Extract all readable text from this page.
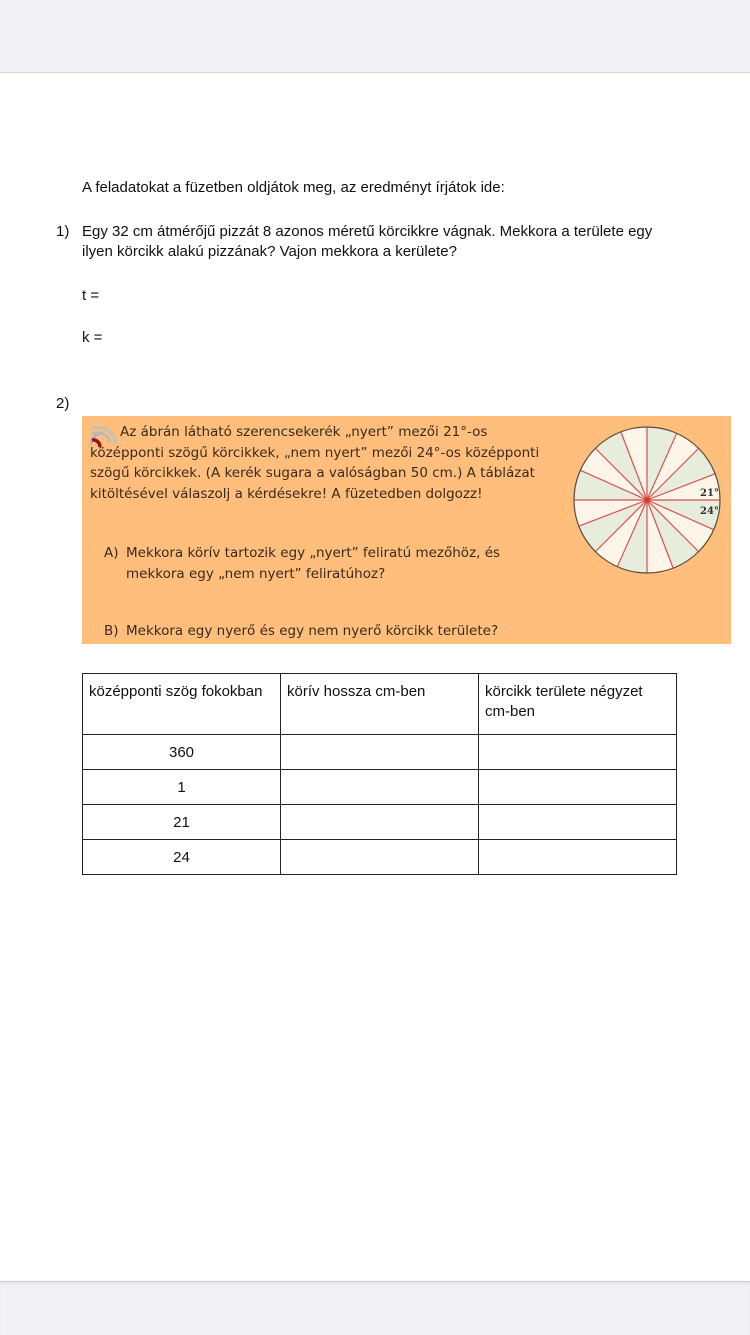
A feladatokat a füzetben oldjátok meg, az eredményt írjátok ide:
1) Egy 32 cm átmérőjű pizzát 8 azonos méretű körcikkre vágnak. Mekkora a területe egy ilyen körcikk alakú pizzának? Vajon mekkora a kerülete?
t =
k =
2)
Az ábrán látható szerencsekerék „nyert” mezői 21°-os
középponti szögű körcikkek, „nem nyert” mezői 24°-os középponti
szögű körcikkek. (A kerék sugara a valóságban 50 cm.) A táblázat
kitöltésével válaszolj a kérdésekre! A füzetedben dolgozz!
A) Mekkora körív tartozik egy „nyert” feliratú mezőhöz, és
mekkora egy „nem nyert” feliratúhoz?
B) Mekkora egy nyerő és egy nem nyerő körcikk területe?
21°
24°
középponti szög fokokban	körív hossza cm-ben	körcikk területe négyzet cm-ben
360		
1		
21		
24		
